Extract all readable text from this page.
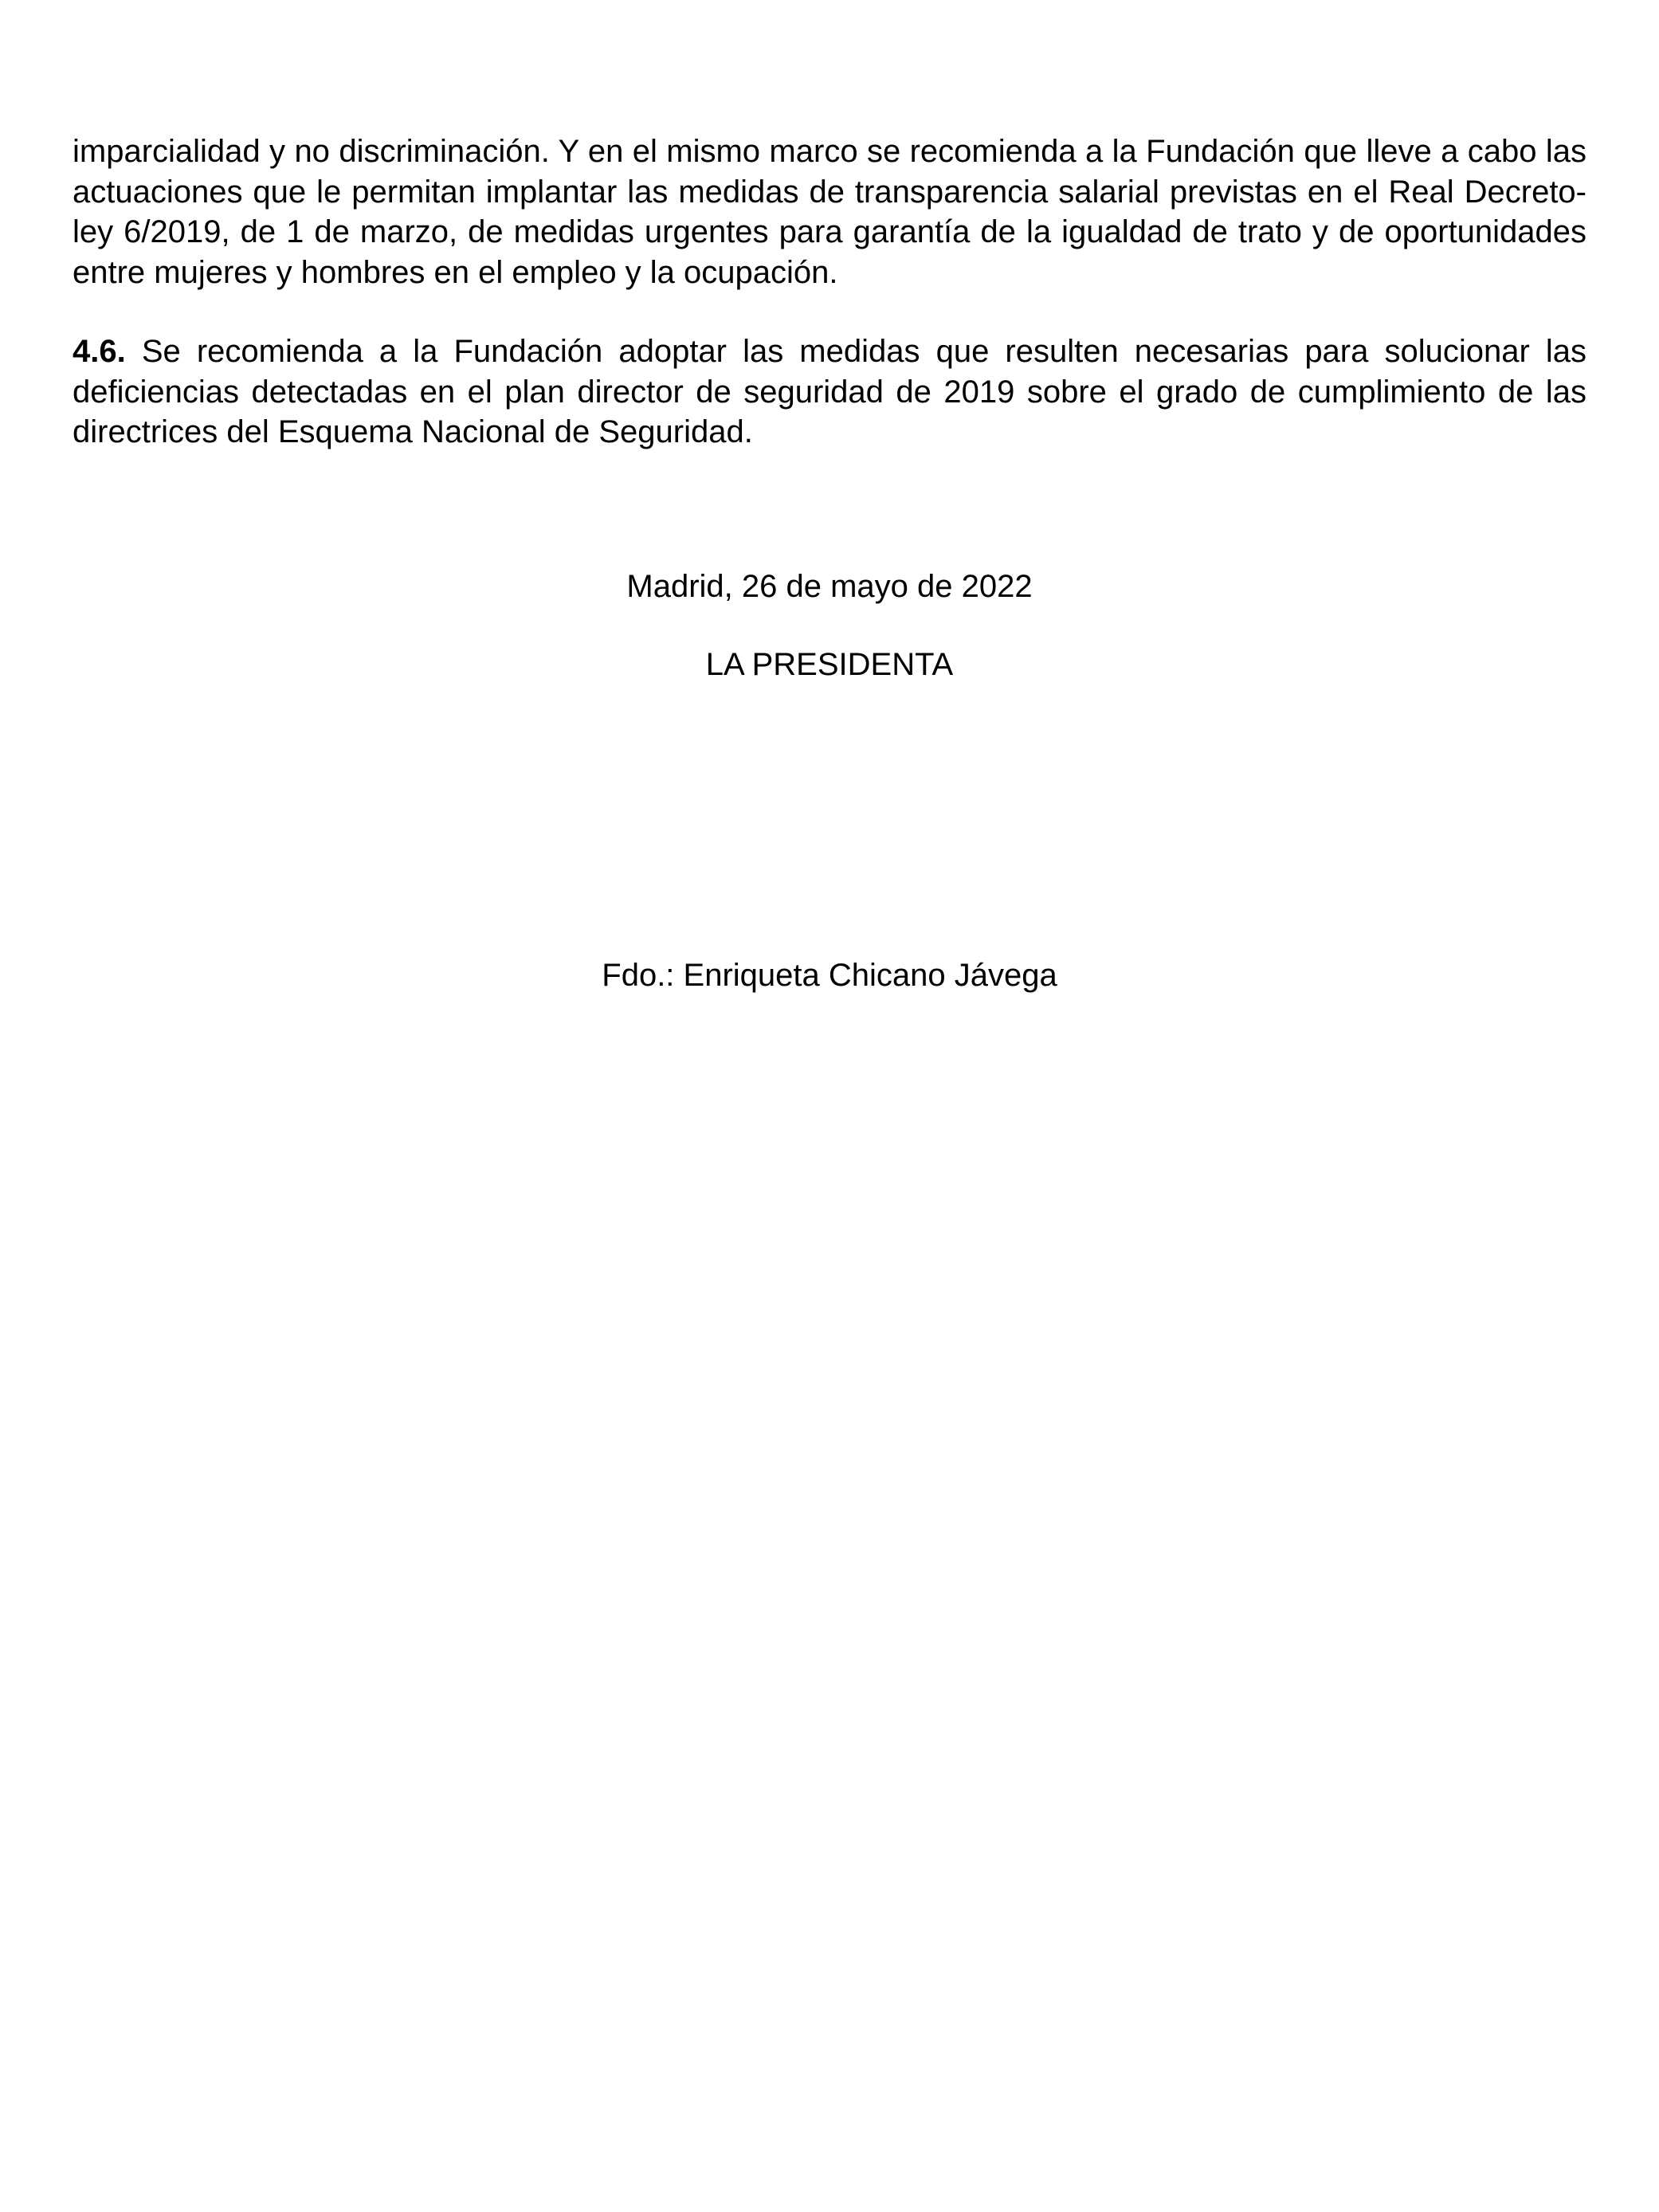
imparcialidad y no discriminación. Y en el mismo marco se recomienda a la Fundación que lleve a cabo las actuaciones que le permitan implantar las medidas de transparencia salarial previstas en el Real Decreto-ley 6/2019, de 1 de marzo, de medidas urgentes para garantía de la igualdad de trato y de oportunidades entre mujeres y hombres en el empleo y la ocupación.

4.6. Se recomienda a la Fundación adoptar las medidas que resulten necesarias para solucionar las deficiencias detectadas en el plan director de seguridad de 2019 sobre el grado de cumplimiento de las directrices del Esquema Nacional de Seguridad.

Madrid, 26 de mayo de 2022

LA PRESIDENTA

Fdo.: Enriqueta Chicano Jávega
